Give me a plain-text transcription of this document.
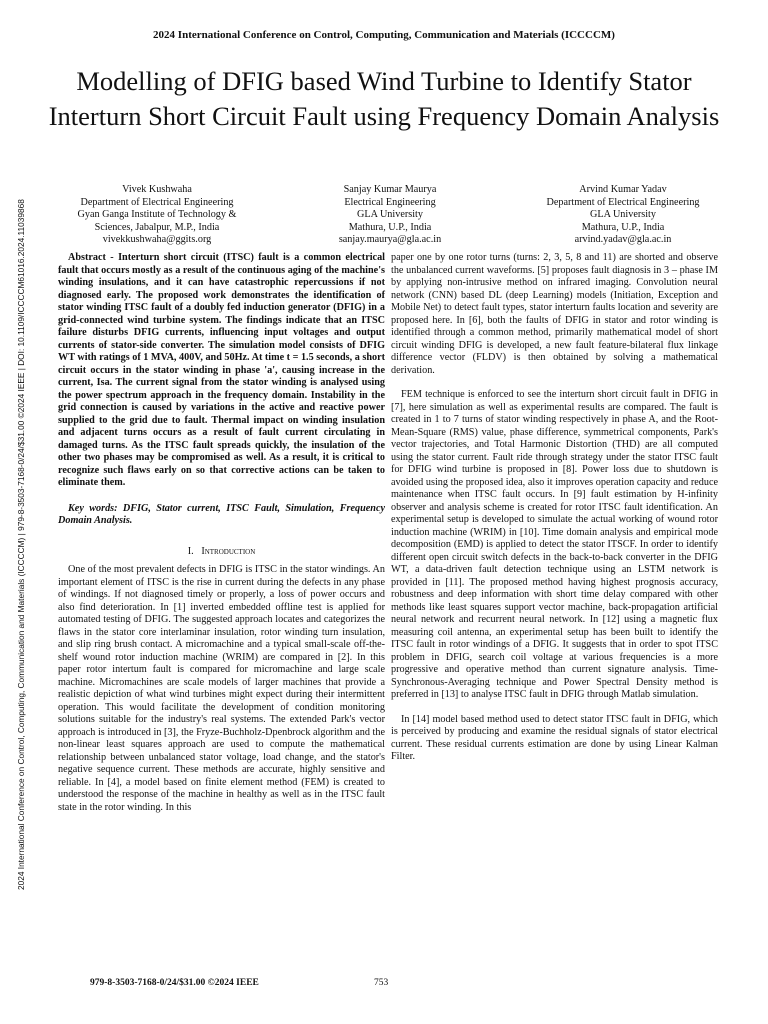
2024 International Conference on Control, Computing, Communication and Materials (ICCCCM)
2024 International Conference on Control, Computing, Communication and Materials (ICCCCM) | 979-8-3503-7168-0/24/$31.00 ©2024 IEEE | DOI: 10.1109/ICCCCM61016.2024.11039868
Modelling of DFIG based Wind Turbine to Identify Stator Interturn Short Circuit Fault using Frequency Domain Analysis
Vivek Kushwaha
Department of Electrical Engineering
Gyan Ganga Institute of Technology &
Sciences, Jabalpur, M.P., India
vivekkushwaha@ggits.org
Sanjay Kumar Maurya
Electrical Engineering
GLA University
Mathura, U.P., India
sanjay.maurya@gla.ac.in
Arvind Kumar Yadav
Department of Electrical Engineering
GLA University
Mathura, U.P., India
arvind.yadav@gla.ac.in

Abstract - Interturn short circuit (ITSC) fault is a common electrical fault that occurs mostly as a result of the continuous aging of the machine's winding insulations, and it can have catastrophic repercussions if not diagnosed early. The proposed work demonstrates the identification of stator winding ITSC fault of a doubly fed induction generator (DFIG) in a grid-connected wind turbine system. The findings indicate that an ITSC failure disturbs DFIG currents, influencing input voltages and output currents of stator-side converter. The simulation model consists of DFIG WT with ratings of 1 MVA, 400V, and 50Hz. At time t = 1.5 seconds, a short circuit occurs in the stator winding in phase 'a', causing increase in the current, Isa. The current signal from the stator winding is analysed using the power spectrum approach in the frequency domain. Instability in the grid connection is caused by variations in the active and reactive power supplied to the grid due to fault. Thermal impact on winding insulation and adjacent turns occurs as a result of fault current circulating in damaged turns. As the ITSC fault spreads quickly, the insulation of the other two phases may be compromised as well. As a result, it is critical to recognize such flaws early on so that corrective actions can be taken to eliminate them.

Key words: DFIG, Stator current, ITSC Fault, Simulation, Frequency Domain Analysis.

I. Introduction

One of the most prevalent defects in DFIG is ITSC in the stator windings. An important element of ITSC is the rise in current during the defects in any phase of windings. If not diagnosed timely or properly, a loss of power occurs and also find deterioration. In [1] inverted embedded offline test is applied for automated testing of DFIG. The suggested approach locates and categorizes the flaws in the stator core interlaminar insulation, rotor winding turn insulation, and slip ring brush contact. A micromachine and a typical small-scale off-the-shelf wound rotor induction machine (WRIM) are compared in [2]. In this paper rotor intertum fault is compared for micromachine and large scale machine. Micromachines are scale models of larger machines that provide a realistic depiction of what wind turbines might expect during their intermittent operation. This would facilitate the development of condition monitoring solutions suitable for the industry's real systems. The extended Park's vector approach is introduced in [3], the Fryze-Buchholz-Dpenbrock algorithm and the non-linear least squares approach are used to compute the mathematical relationship between unbalanced stator voltage, load change, and the stator's negative sequence current. These methods are accurate, highly sensitive and reliable. In [4], a model based on finite element method (FEM) is created to understood the response of the machine in healthy as well as in the ITSC fault state in the rotor winding. In this

paper one by one rotor turns (turns: 2, 3, 5, 8 and 11) are shorted and observe the unbalanced current waveforms. [5] proposes fault diagnosis in 3 – phase IM by applying non-intrusive method on infrared imaging. Convolution neural network (CNN) based DL (deep Learning) models (Initiation, Exception and Mobile Net) to detect fault types, stator interturn faults location and severity are proposed here. In [6], both the faults of DFIG in stator and rotor winding is identified through a common method, primarily mathematical model of short circuit winding DFIG is developed, a new fault feature-bilateral flux linkage difference vector (FLDV) is then obtained by solving a mathematical derivation.

FEM technique is enforced to see the interturn short circuit fault in DFIG in [7], here simulation as well as experimental results are compared. The fault is created in 1 to 7 turns of stator winding respectively in phase A, and the Root-Mean-Square (RMS) value, phase difference, symmetrical components, Park's vector trajectories, and Total Harmonic Distortion (THD) are all computed using the stator current. Fault ride through strategy under the stator ITSC fault for DFIG wind turbine is proposed in [8]. Power loss due to shutdown is avoided using the proposed idea, also it improves operation capacity and reduce maintenance when ITSC fault occurs. In [9] fault estimation by H-infinity observer and analysis scheme is created for rotor ITSC fault identification. An experimental setup is developed to simulate the actual working of wound rotor induction machine (WRIM) in [10]. Time domain analysis and empirical mode decomposition (EMD) is applied to detect the stator ITSCF. In order to identify different open circuit switch defects in the back-to-back converter in the DFIG WT, a data-driven fault detection technique using an LSTM network is provided in [11]. The proposed method having highest prognosis accuracy, robustness and deep information with short time delay compared with other methods like least squares support vector machine, back-propagation artificial neural network and recurrent neural network. In [12] using a magnetic flux measuring coil antenna, an experimental setup has been built to identify the ITSC fault in rotor windings of a DFIG. It suggests that in order to spot ITSC problem in DFIG, search coil voltage at various frequencies is a more progressive and operative method than current signature analysis. Time-Synchronous-Averaging technique and Power Spectral Density method is preferred in [13] to analyse ITSC fault in DFIG through Matlab simulation.

In [14] model based method used to detect stator ITSC fault in DFIG, which is perceived by producing and examine the residual signals of stator electrical current. These residual currents estimation are done by using Linear Kalman Filter.

979-8-3503-7168-0/24/$31.00 ©2024 IEEE	753
